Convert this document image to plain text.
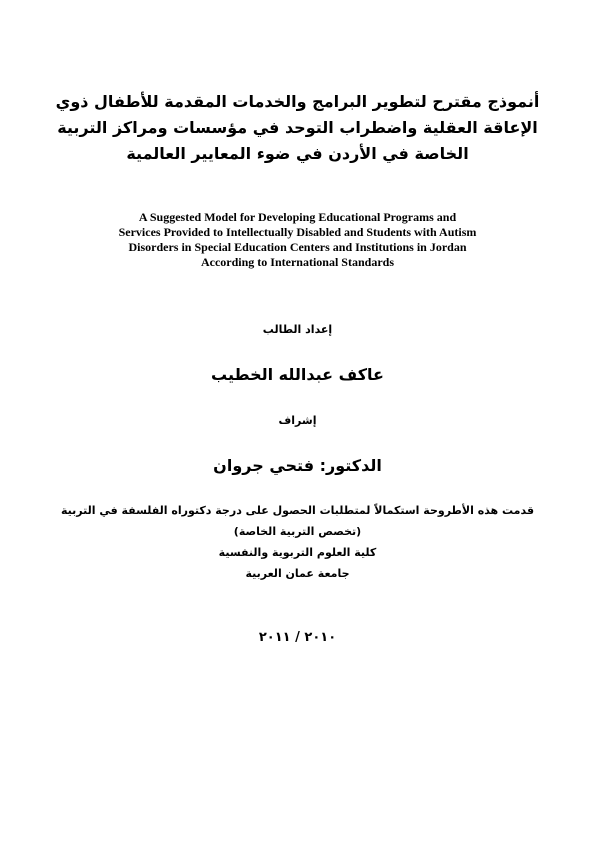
أنموذج مقترح لتطوير البرامج والخدمات المقدمة للأطفال ذوي
الإعاقة العقلية واضطراب التوحد في مؤسسات ومراكز التربية
الخاصة في الأردن في ضوء المعايير العالمية
A Suggested Model for Developing Educational Programs and
Services Provided to Intellectually Disabled and Students with Autism
Disorders in Special Education Centers and Institutions in Jordan
According to International Standards
إعداد الطالب
عاكف عبدالله الخطيب
إشراف
الدكتور: فتحي جروان
قدمت هذه الأطروحة استكمالاً لمتطلبات الحصول على درجة دكتوراه الفلسفة في التربية
(تخصص التربية الخاصة)
كلية العلوم التربوية والنفسية
جامعة عمان العربية
٢٠١٠ / ٢٠١١
